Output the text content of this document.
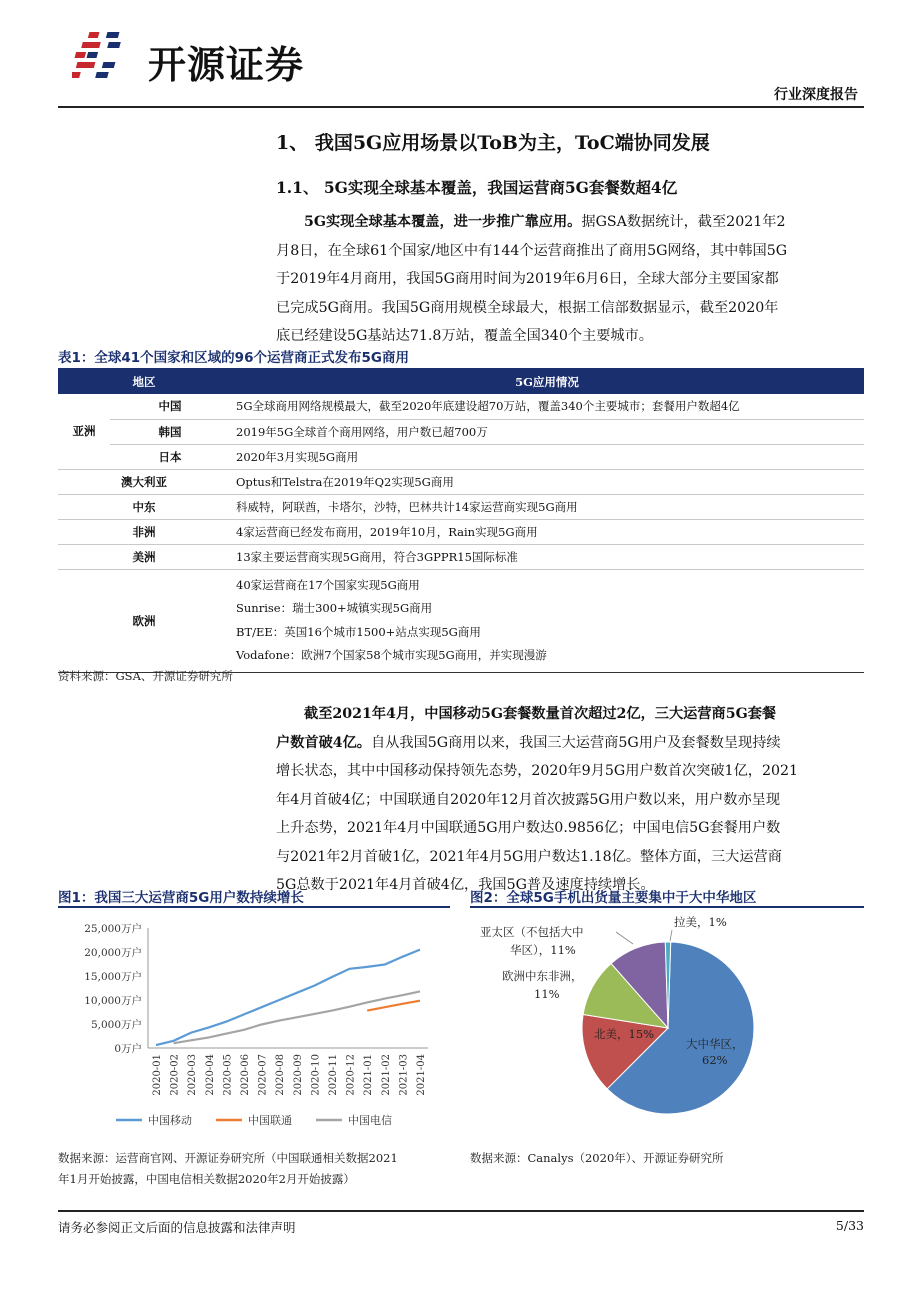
开源证券
行业深度报告
1、 我国5G应用场景以ToB为主，ToC端协同发展
1.1、 5G实现全球基本覆盖，我国运营商5G套餐数超4亿
5G实现全球基本覆盖，进一步推广靠应用。据GSA数据统计，截至2021年2
月8日，在全球61个国家/地区中有144个运营商推出了商用5G网络，其中韩国5G
于2019年4月商用，我国5G商用时间为2019年6月6日，全球大部分主要国家都
已完成5G商用。我国5G商用规模全球最大，根据工信部数据显示，截至2020年
底已经建设5G基站达71.8万站，覆盖全国340个主要城市。
表1：全球41个国家和区域的96个运营商正式发布5G商用
地区		5G应用情况
亚洲	中国	5G全球商用网络规模最大，截至2020年底建设超70万站，覆盖340个主要城市；套餐用户数超4亿
	韩国	2019年5G全球首个商用网络，用户数已超700万
	日本	2020年3月实现5G商用
澳大利亚		Optus和Telstra在2019年Q2实现5G商用
中东		科威特，阿联酋，卡塔尔，沙特，巴林共计14家运营商实现5G商用
非洲		4家运营商已经发布商用，2019年10月，Rain实现5G商用
美洲		13家主要运营商实现5G商用，符合3GPPR15国际标准
欧洲		40家运营商在17个国家实现5G商用
Sunrise：瑞士300+城镇实现5G商用
BT/EE：英国16个城市1500+站点实现5G商用
Vodafone：欧洲7个国家58个城市实现5G商用，并实现漫游
资料来源：GSA、开源证券研究所
截至2021年4月，中国移动5G套餐数量首次超过2亿，三大运营商5G套餐
户数首破4亿。自从我国5G商用以来，我国三大运营商5G用户及套餐数呈现持续
增长状态，其中中国移动保持领先态势，2020年9月5G用户数首次突破1亿，2021
年4月首破4亿；中国联通自2020年12月首次披露5G用户数以来，用户数亦呈现
上升态势，2021年4月中国联通5G用户数达0.9856亿；中国电信5G套餐用户数
与2021年2月首破1亿，2021年4月5G用户数达1.18亿。整体方面，三大运营商
5G总数于2021年4月首破4亿，我国5G普及速度持续增长。
图1：我国三大运营商5G用户数持续增长
0万户
5,000万户
10,000万户
15,000万户
20,000万户
25,000万户
2020-01 2020-02 2020-03 2020-04 2020-05 2020-06 2020-07 2020-08 2020-09 2020-10 2020-11 2020-12 2021-01 2021-02 2021-03 2021-04
中国移动	中国联通	中国电信
数据来源：运营商官网、开源证券研究所（中国联通相关数据2021
年1月开始披露，中国电信相关数据2020年2月开始披露）
图2：全球5G手机出货量主要集中于大中华地区
大中华区，
62%
北美，15%
欧洲中东非洲，
11%
亚太区（不包括大中
华区），11%
拉美，1%
数据来源：Canalys（2020年）、开源证券研究所
请务必参阅正文后面的信息披露和法律声明	5/33
